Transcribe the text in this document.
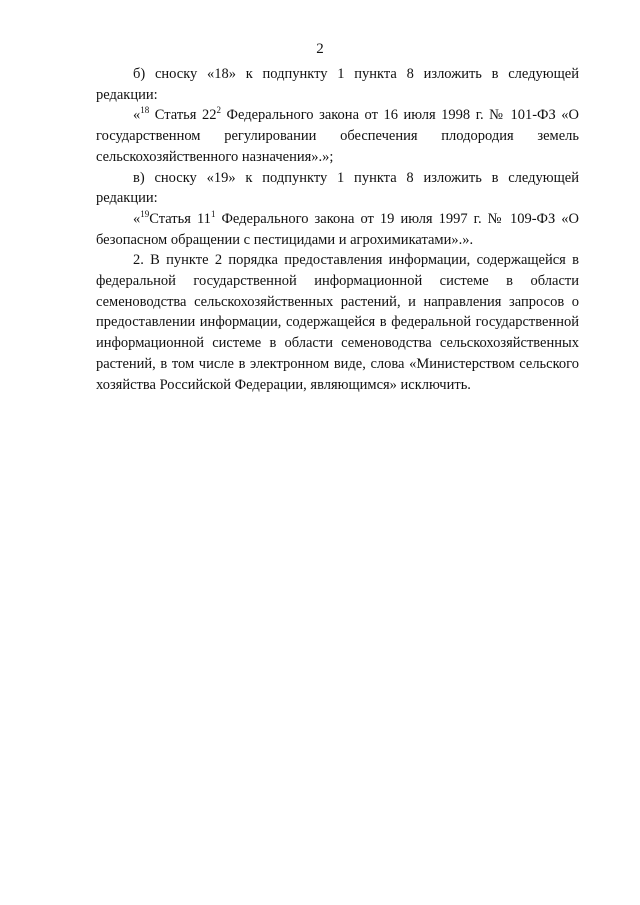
2

б) сноску «18» к подпункту 1 пункта 8 изложить в следующей редакции:

«$^{18}$ Статья $22^2$ Федерального закона от 16 июля 1998 г. № 101-ФЗ «О государственном регулировании обеспечения плодородия земель сельскохозяйственного назначения».»;

в) сноску «19» к подпункту 1 пункта 8 изложить в следующей редакции:

«$^{19}$Статья $11^1$ Федерального закона от 19 июля 1997 г. № 109-ФЗ «О безопасном обращении с пестицидами и агрохимикатами».».

2. В пункте 2 порядка предоставления информации, содержащейся в федеральной государственной информационной системе в области семеноводства сельскохозяйственных растений, и направления запросов о предоставлении информации, содержащейся в федеральной государственной информационной системе в области семеноводства сельскохозяйственных растений, в том числе в электронном виде, слова «Министерством сельского хозяйства Российской Федерации, являющимся» исключить.
